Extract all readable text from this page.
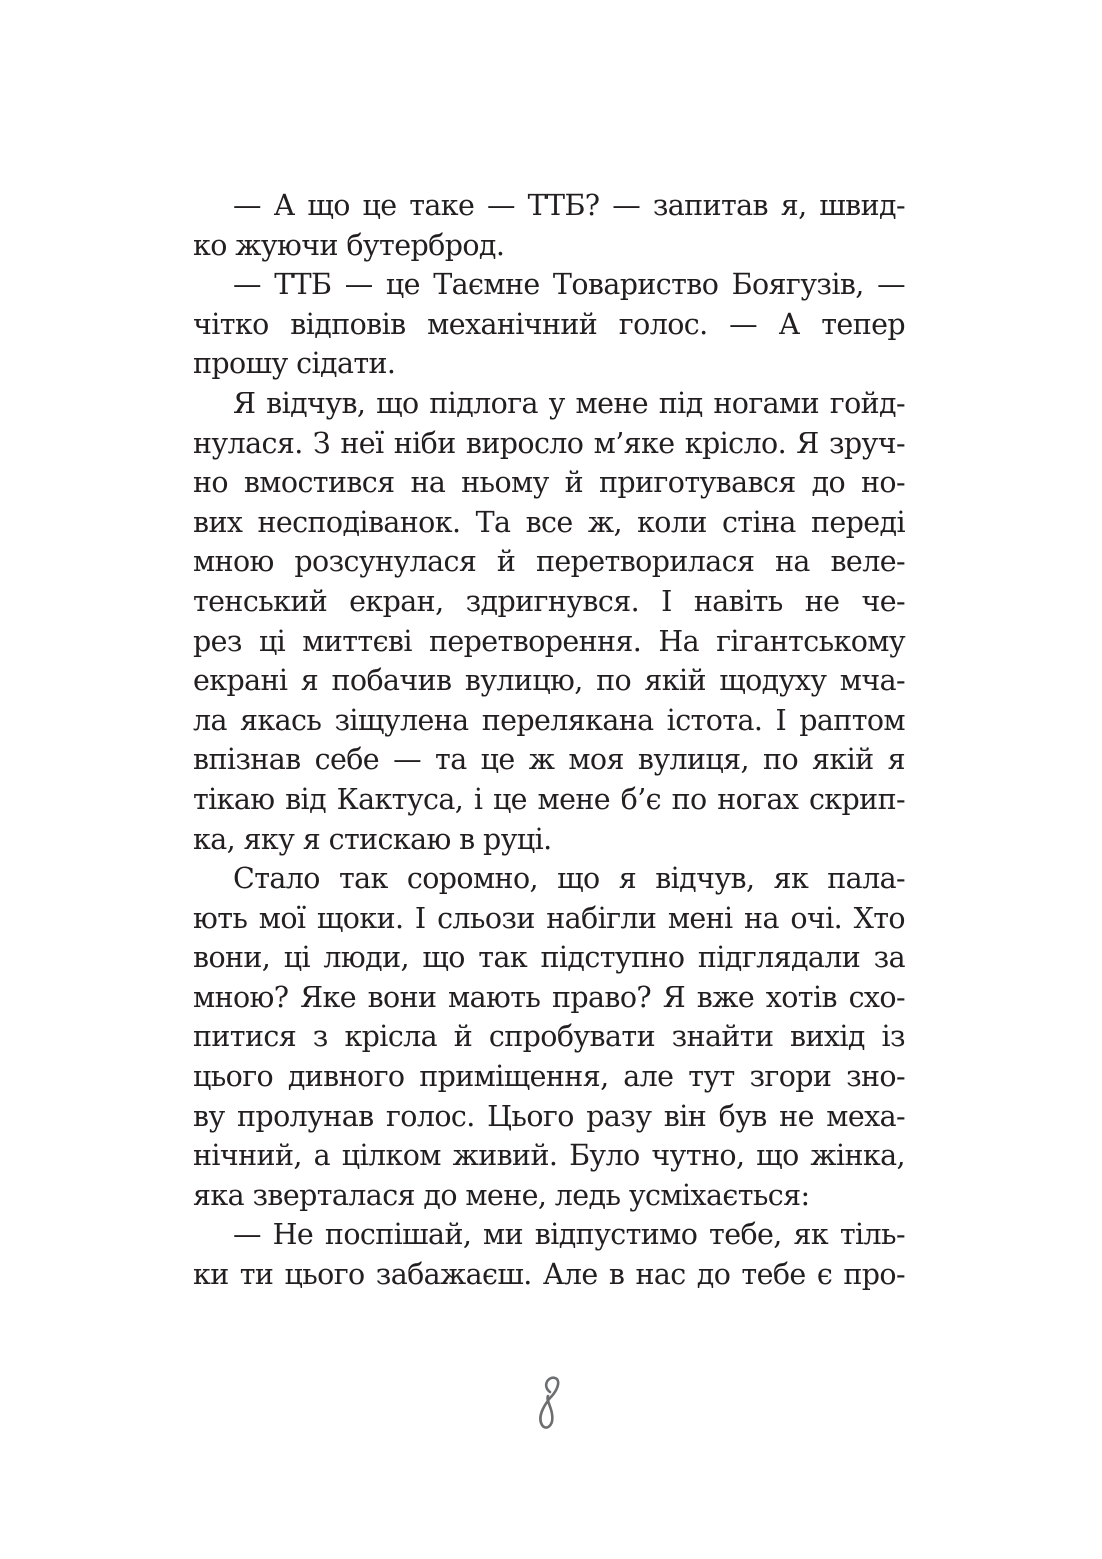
— А що це таке — ТТБ? — запитав я, швид-
ко жуючи бутерброд.
— ТТБ — це Таємне Товариство Боягузів, —
чітко відповів механічний голос. — А тепер
прошу сідати.
Я відчув, що підлога у мене під ногами гойд-
нулася. З неї ніби виросло м’яке крісло. Я зруч-
но вмостився на ньому й приготувався до но-
вих несподіванок. Та все ж, коли стіна переді
мною розсунулася й перетворилася на веле-
тенський екран, здригнувся. І навіть не че-
рез ці миттєві перетворення. На гігантському
екрані я побачив вулицю, по якій щодуху мча-
ла якась зіщулена перелякана істота. І раптом
впізнав себе — та це ж моя вулиця, по якій я
тікаю від Кактуса, і це мене б’є по ногах скрип-
ка, яку я стискаю в руці.
Стало так соромно, що я відчув, як пала-
ють мої щоки. І сльози набігли мені на очі. Хто
вони, ці люди, що так підступно підглядали за
мною? Яке вони мають право? Я вже хотів схо-
питися з крісла й спробувати знайти вихід із
цього дивного приміщення, але тут згори зно-
ву пролунав голос. Цього разу він був не меха-
нічний, а цілком живий. Було чутно, що жінка,
яка зверталася до мене, ледь усміхається:
— Не поспішай, ми відпустимо тебе, як тіль-
ки ти цього забажаєш. Але в нас до тебе є про-
